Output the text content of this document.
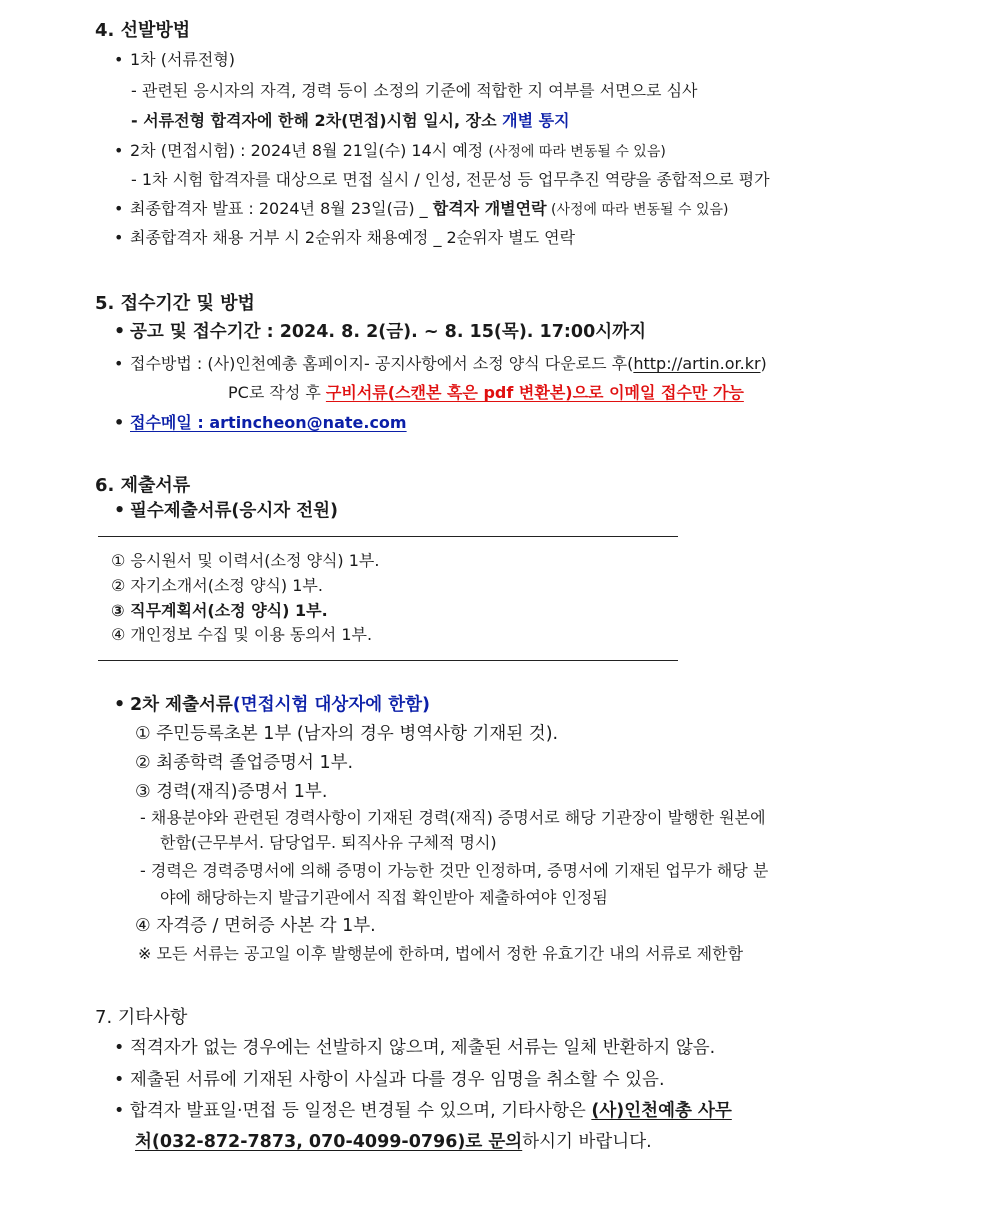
4. 선발방법
• 1차 (서류전형)
- 관련된 응시자의 자격, 경력 등이 소정의 기준에 적합한 지 여부를 서면으로 심사
- 서류전형 합격자에 한해 2차(면접)시험 일시, 장소 개별 통지
• 2차 (면접시험) : 2024년 8월 21일(수) 14시 예정 (사정에 따라 변동될 수 있음)
- 1차 시험 합격자를 대상으로 면접 실시 / 인성, 전문성 등 업무추진 역량을 종합적으로 평가
• 최종합격자 발표 : 2024년 8월 23일(금) _ 합격자 개별연락 (사정에 따라 변동될 수 있음)
• 최종합격자 채용 거부 시 2순위자 채용예정 _ 2순위자 별도 연락
5. 접수기간 및 방법
• 공고 및 접수기간 : 2024. 8. 2(금). ~ 8. 15(목). 17:00시까지
• 접수방법 : (사)인천예총 홈페이지- 공지사항에서 소정 양식 다운로드 후(http://artin.or.kr)
PC로 작성 후 구비서류(스캔본 혹은 pdf 변환본)으로 이메일 접수만 가능
• 접수메일 : artincheon@nate.com
6. 제출서류
• 필수제출서류(응시자 전원)
① 응시원서 및 이력서(소정 양식) 1부.
② 자기소개서(소정 양식) 1부.
③ 직무계획서(소정 양식) 1부.
④ 개인정보 수집 및 이용 동의서 1부.
• 2차 제출서류(면접시험 대상자에 한함)
① 주민등록초본 1부 (남자의 경우 병역사항 기재된 것).
② 최종학력 졸업증명서 1부.
③ 경력(재직)증명서 1부.
- 채용분야와 관련된 경력사항이 기재된 경력(재직) 증명서로 해당 기관장이 발행한 원본에
한함(근무부서. 담당업무. 퇴직사유 구체적 명시)
- 경력은 경력증명서에 의해 증명이 가능한 것만 인정하며, 증명서에 기재된 업무가 해당 분
야에 해당하는지 발급기관에서 직접 확인받아 제출하여야 인정됨
④ 자격증 / 면허증 사본 각 1부.
※ 모든 서류는 공고일 이후 발행분에 한하며, 법에서 정한 유효기간 내의 서류로 제한함
7. 기타사항
• 적격자가 없는 경우에는 선발하지 않으며, 제출된 서류는 일체 반환하지 않음.
• 제출된 서류에 기재된 사항이 사실과 다를 경우 임명을 취소할 수 있음.
• 합격자 발표일·면접 등 일정은 변경될 수 있으며, 기타사항은 (사)인천예총 사무
처(032-872-7873, 070-4099-0796)로 문의하시기 바랍니다.
